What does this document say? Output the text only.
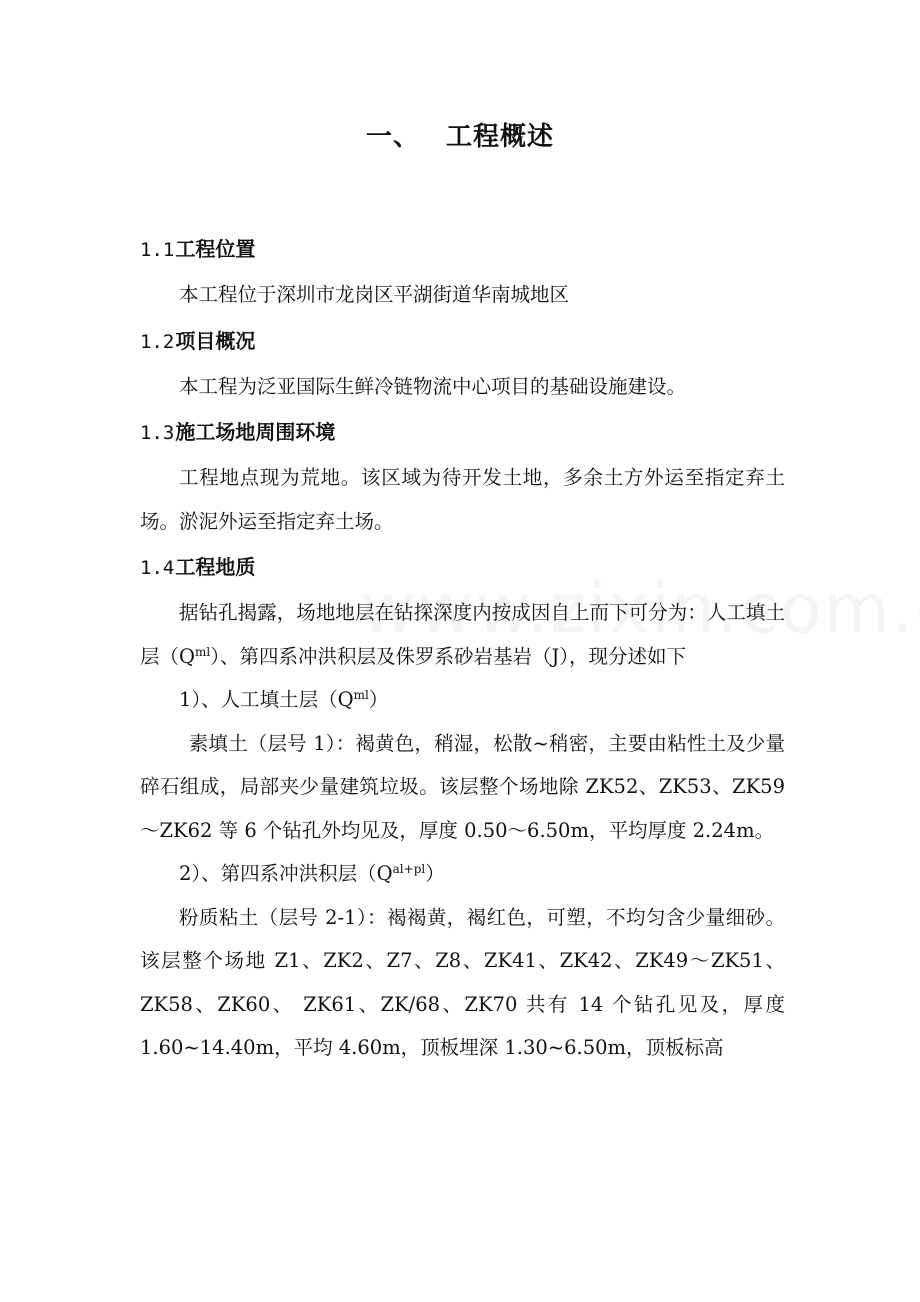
一、 工程概述
1.1工程位置

本工程位于深圳市龙岗区平湖街道华南城地区

1.2项目概况

本工程为泛亚国际生鲜冷链物流中心项目的基础设施建设。

1.3施工场地周围环境

工程地点现为荒地。该区域为待开发土地，多余土方外运至指定弃土场。淤泥外运至指定弃土场。

1.4工程地质

据钻孔揭露，场地地层在钻探深度内按成因自上而下可分为：人工填土层$(Q^{ml})$、第四系冲洪积层及侏罗系砂岩基岩（J），现分述如下

1）、人工填土层$(Q^{ml})$

素填土（层号 1）：褐黄色，稍湿，松散~稍密，主要由粘性土及少量碎石组成，局部夹少量建筑垃圾。该层整个场地除 ZK52、ZK53、ZK59～ZK62 等 6 个钻孔外均见及，厚度 0.50～6.50m，平均厚度 2.24m。

2）、第四系冲洪积层$(Q^{al+pl})$

粉质粘土（层号 2-1）：褐褐黄，褐红色，可塑，不均匀含少量细砂。该层整个场地 Z1、ZK2、Z7、Z8、ZK41、ZK42、ZK49～ZK51、ZK58、ZK60、 ZK61、ZK/68、ZK70 共有 14 个钻孔见及，厚度 1.60~14.40m，平均 4.60m，顶板埋深 1.30~6.50m，顶板标高
